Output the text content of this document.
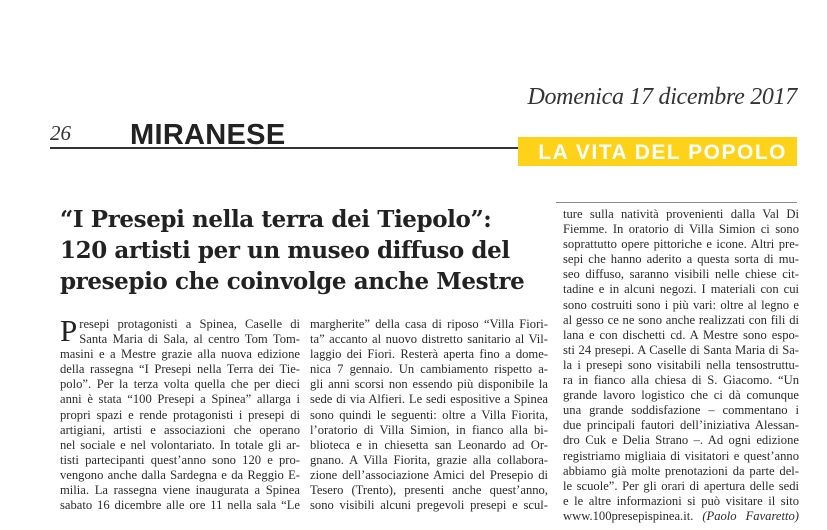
Domenica 17 dicembre 2017
26 MIRANESE
LA VITA DEL POPOLO
“I Presepi nella terra dei Tiepolo”:
120 artisti per un museo diffuso del
presepio che coinvolge anche Mestre
Presepi protagonisti a Spinea, Caselle di
Santa Maria di Sala, al centro Tom Tom-
masini e a Mestre grazie alla nuova edizione
della rassegna “I Presepi nella Terra dei Tie-
polo”. Per la terza volta quella che per dieci
anni è stata “100 Presepi a Spinea” allarga i
propri spazi e rende protagonisti i presepi di
artigiani, artisti e associazioni che operano
nel sociale e nel volontariato. In totale gli ar-
tisti partecipanti quest’anno sono 120 e pro-
vengono anche dalla Sardegna e da Reggio E-
milia. La rassegna viene inaugurata a Spinea
sabato 16 dicembre alle ore 11 nella sala “Le
margherite” della casa di riposo “Villa Fiori-
ta” accanto al nuovo distretto sanitario al Vil-
laggio dei Fiori. Resterà aperta fino a dome-
nica 7 gennaio. Un cambiamento rispetto a-
gli anni scorsi non essendo più disponibile la
sede di via Alfieri. Le sedi espositive a Spinea
sono quindi le seguenti: oltre a Villa Fiorita,
l’oratorio di Villa Simion, in fianco alla bi-
blioteca e in chiesetta san Leonardo ad Or-
gnano. A Villa Fiorita, grazie alla collabora-
zione dell’associazione Amici del Presepio di
Tesero (Trento), presenti anche quest’anno,
sono visibili alcuni pregevoli presepi e scul-
ture sulla natività provenienti dalla Val Di
Fiemme. In oratorio di Villa Simion ci sono
soprattutto opere pittoriche e icone. Altri pre-
sepi che hanno aderito a questa sorta di mu-
seo diffuso, saranno visibili nelle chiese cit-
tadine e in alcuni negozi. I materiali con cui
sono costruiti sono i più vari: oltre al legno e
al gesso ce ne sono anche realizzati con fili di
lana e con dischetti cd. A Mestre sono espo-
sti 24 presepi. A Caselle di Santa Maria di Sa-
la i presepi sono visitabili nella tensostruttu-
ra in fianco alla chiesa di S. Giacomo. “Un
grande lavoro logistico che ci dà comunque
una grande soddisfazione – commentano i
due principali fautori dell’iniziativa Alessan-
dro Cuk e Delia Strano –. Ad ogni edizione
registriamo migliaia di visitatori e quest’anno
abbiamo già molte prenotazioni da parte del-
le scuole”. Per gli orari di apertura delle sedi
e le altre informazioni si può visitare il sito
www.100presepispinea.it. (Paolo Favaretto)
